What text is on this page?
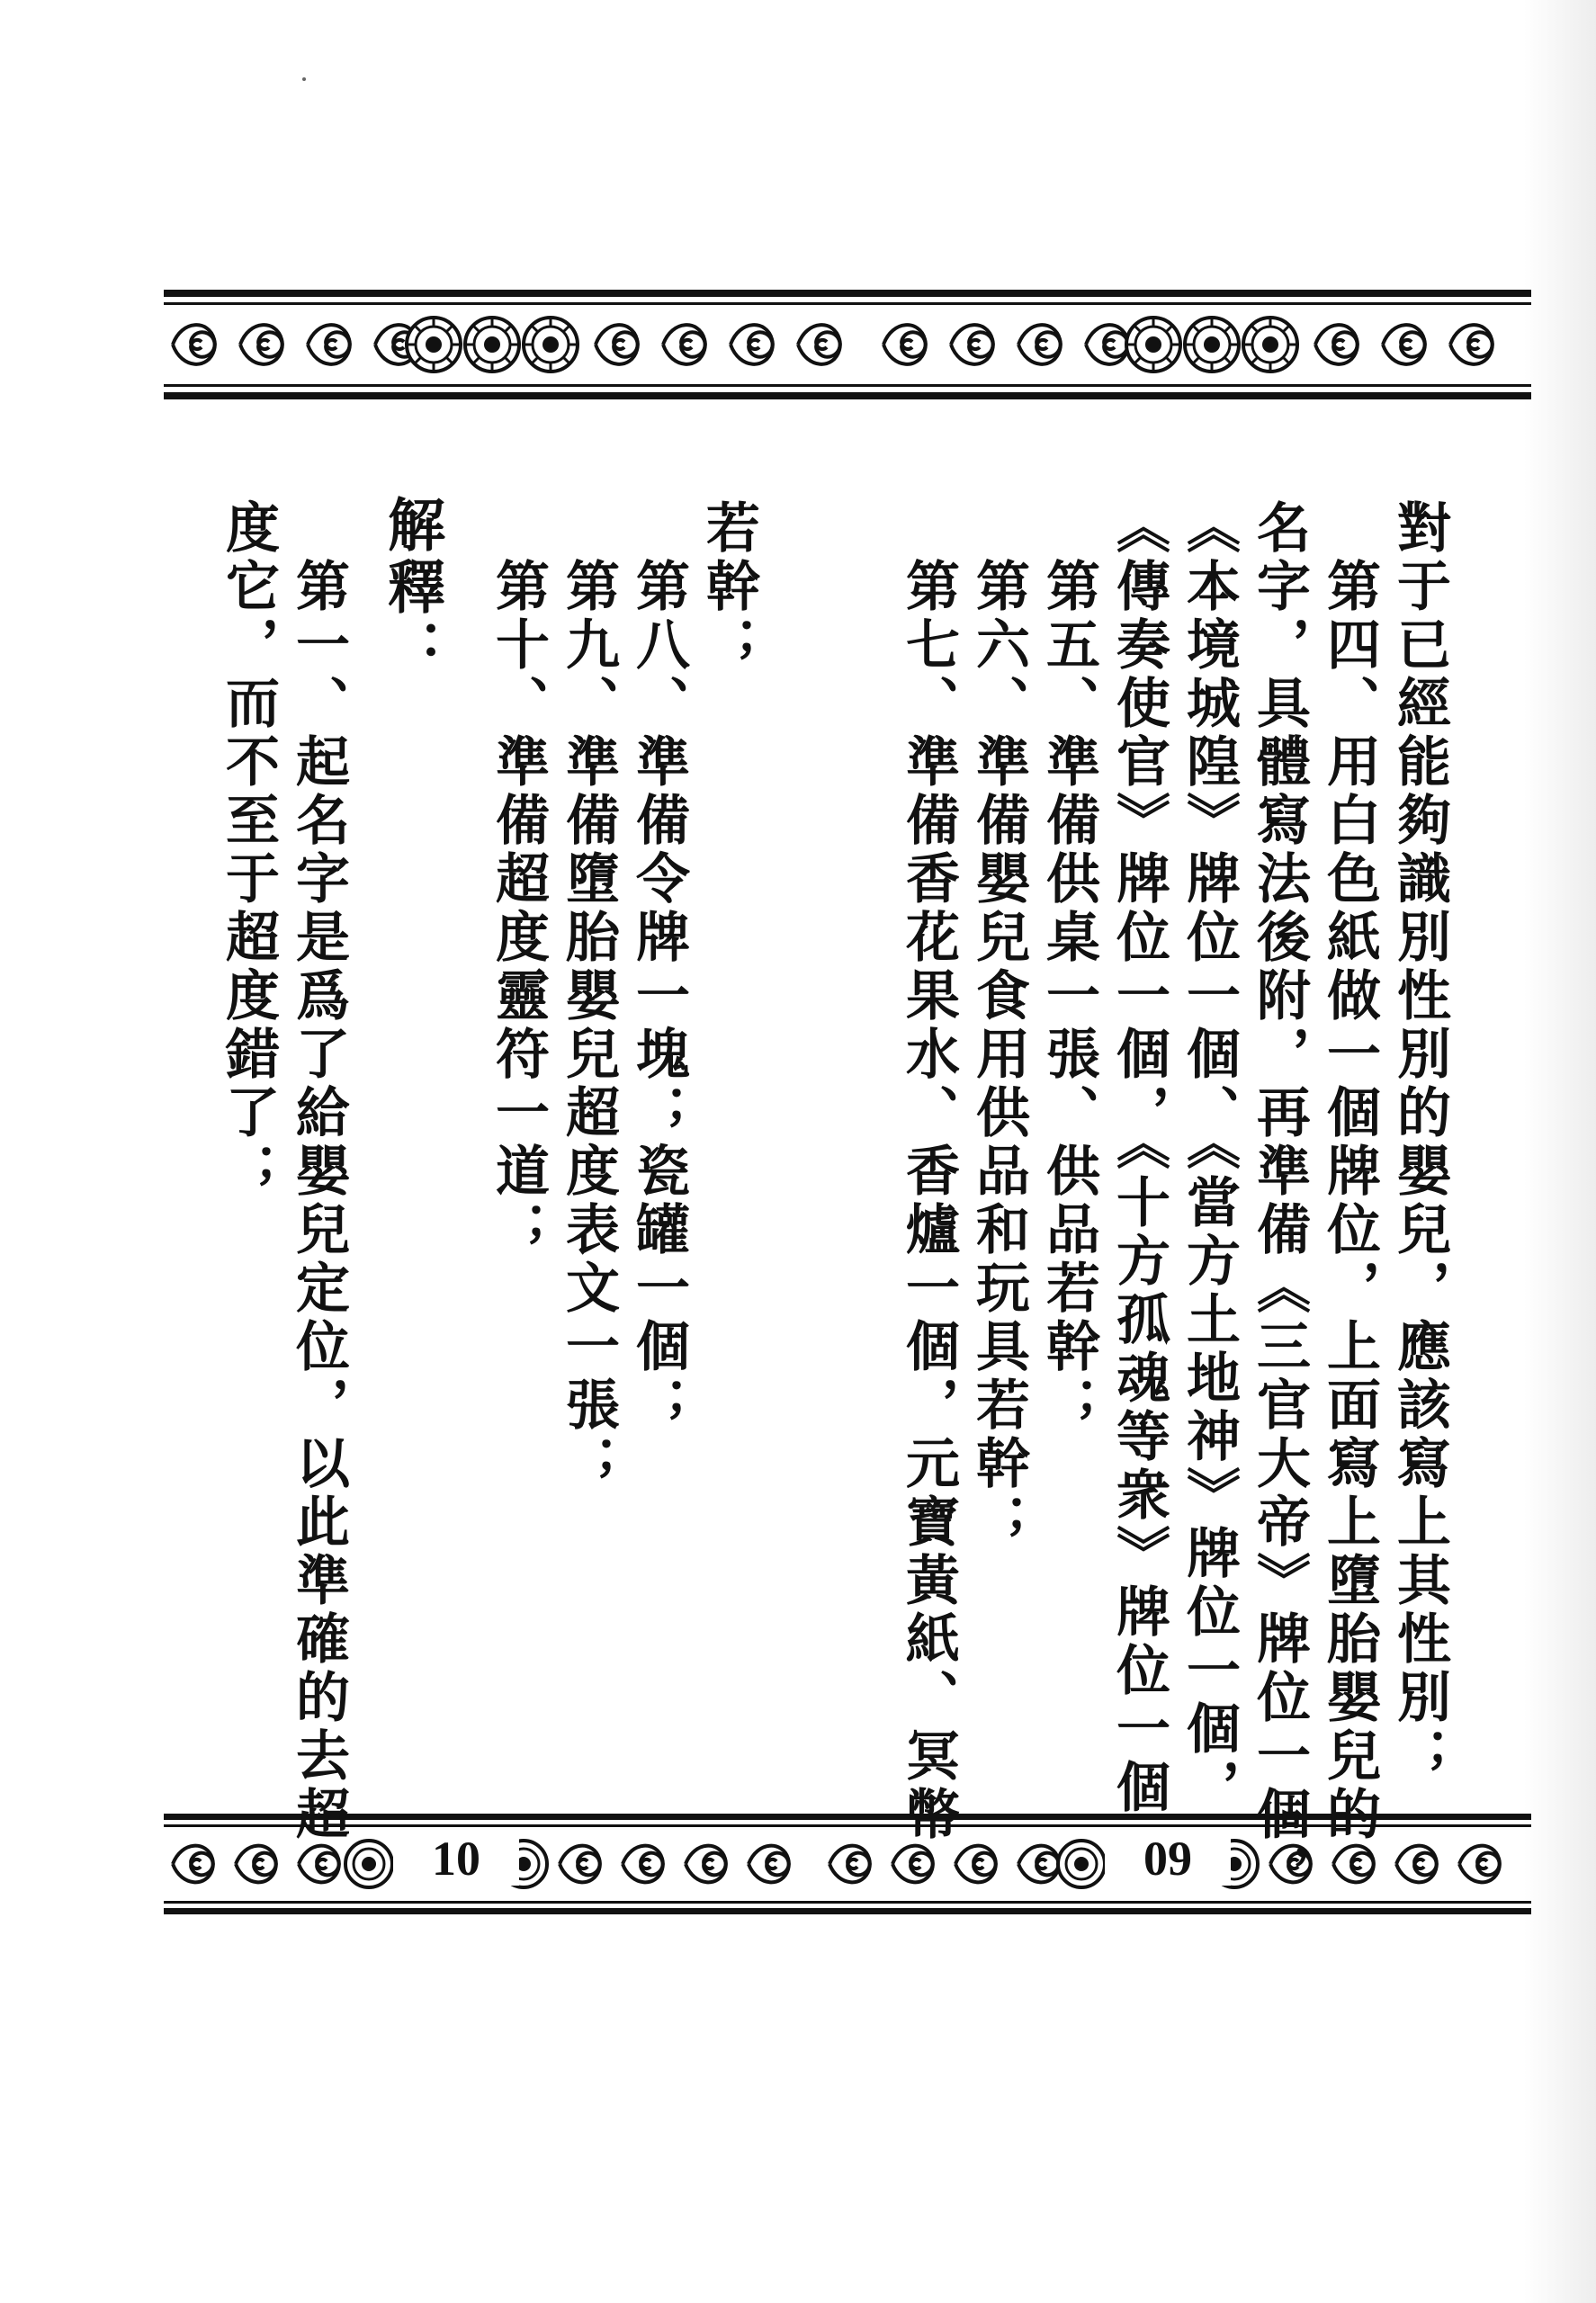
10	09
對于已經能夠識別性別的嬰兒，應該寫上其性別；
　第四、用白色紙做一個牌位，上面寫上墮胎嬰兒的
名字，具體寫法後附，再準備《三官大帝》牌位一個，
《本境城隍》牌位一個、《當方土地神》牌位一個，
《傳奏使官》牌位一個，《十方孤魂等衆》牌位一個
　第五、準備供桌一張、供品若幹；
　第六、準備嬰兒食用供品和玩具若幹；
　第七、準備香花果水、香爐一個，元寶黃紙、冥幣
若幹；
　第八、準備令牌一塊；瓷罐一個；
　第九、準備墮胎嬰兒超度表文一張；
　第十、準備超度靈符一道；
解釋：
　第一、起名字是爲了給嬰兒定位，以此準確的去超
度它，而不至于超度錯了；
